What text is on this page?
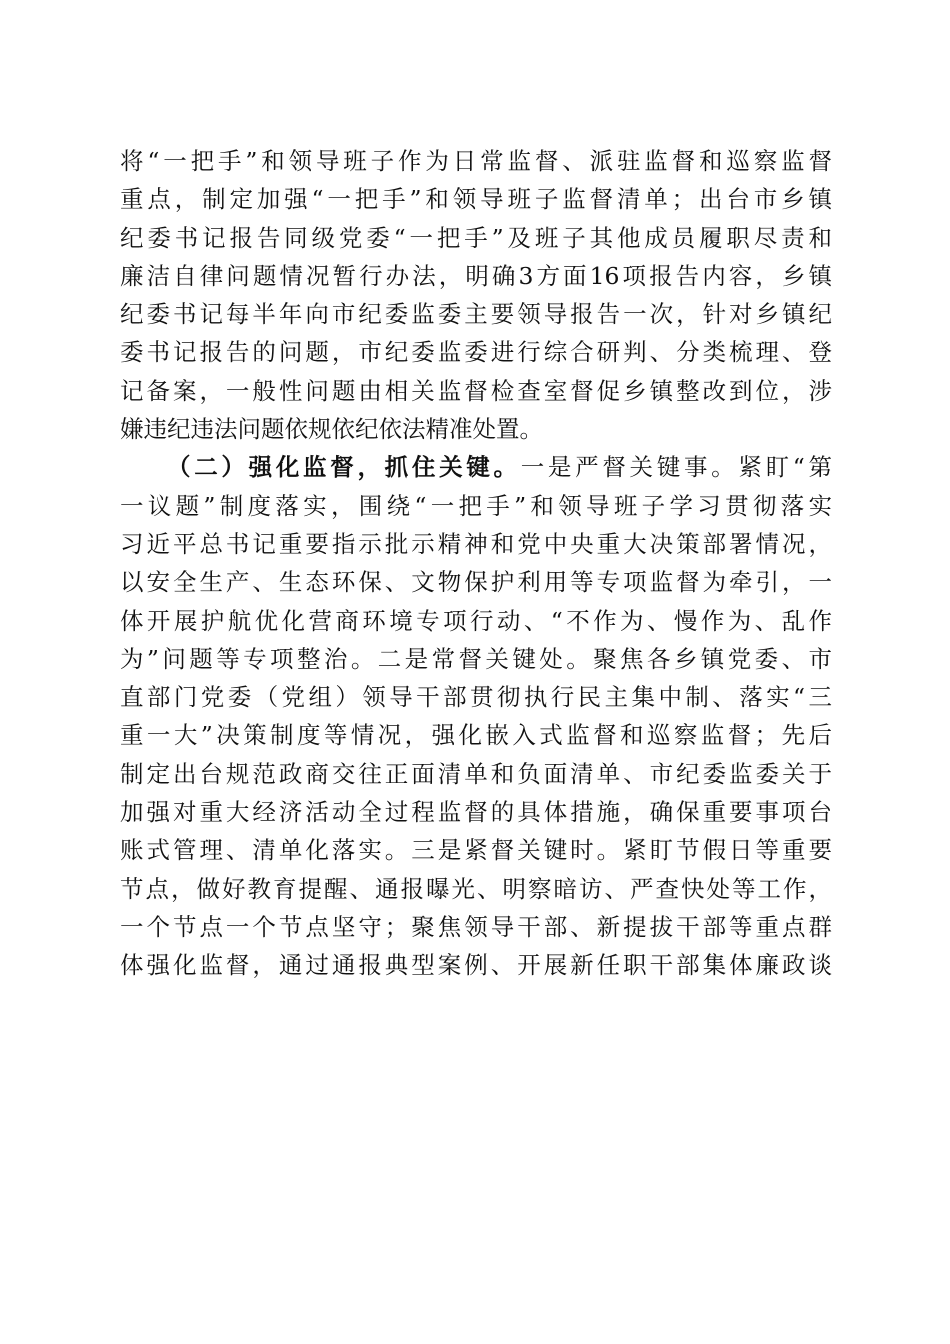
将“一把手”和领导班子作为日常监督、派驻监督和巡察监督
重点，制定加强“一把手”和领导班子监督清单；出台市乡镇
纪委书记报告同级党委“一把手”及班子其他成员履职尽责和
廉洁自律问题情况暂行办法，明确3方面16项报告内容，乡镇
纪委书记每半年向市纪委监委主要领导报告一次，针对乡镇纪
委书记报告的问题，市纪委监委进行综合研判、分类梳理、登
记备案，一般性问题由相关监督检查室督促乡镇整改到位，涉
嫌违纪违法问题依规依纪依法精准处置。
（二）强化监督，抓住关键。一是严督关键事。紧盯“第
一议题”制度落实，围绕“一把手”和领导班子学习贯彻落实
习近平总书记重要指示批示精神和党中央重大决策部署情况，
以安全生产、生态环保、文物保护利用等专项监督为牵引，一
体开展护航优化营商环境专项行动、“不作为、慢作为、乱作
为”问题等专项整治。二是常督关键处。聚焦各乡镇党委、市
直部门党委（党组）领导干部贯彻执行民主集中制、落实“三
重一大”决策制度等情况，强化嵌入式监督和巡察监督；先后
制定出台规范政商交往正面清单和负面清单、市纪委监委关于
加强对重大经济活动全过程监督的具体措施，确保重要事项台
账式管理、清单化落实。三是紧督关键时。紧盯节假日等重要
节点，做好教育提醒、通报曝光、明察暗访、严查快处等工作，
一个节点一个节点坚守；聚焦领导干部、新提拔干部等重点群
体强化监督，通过通报典型案例、开展新任职干部集体廉政谈
